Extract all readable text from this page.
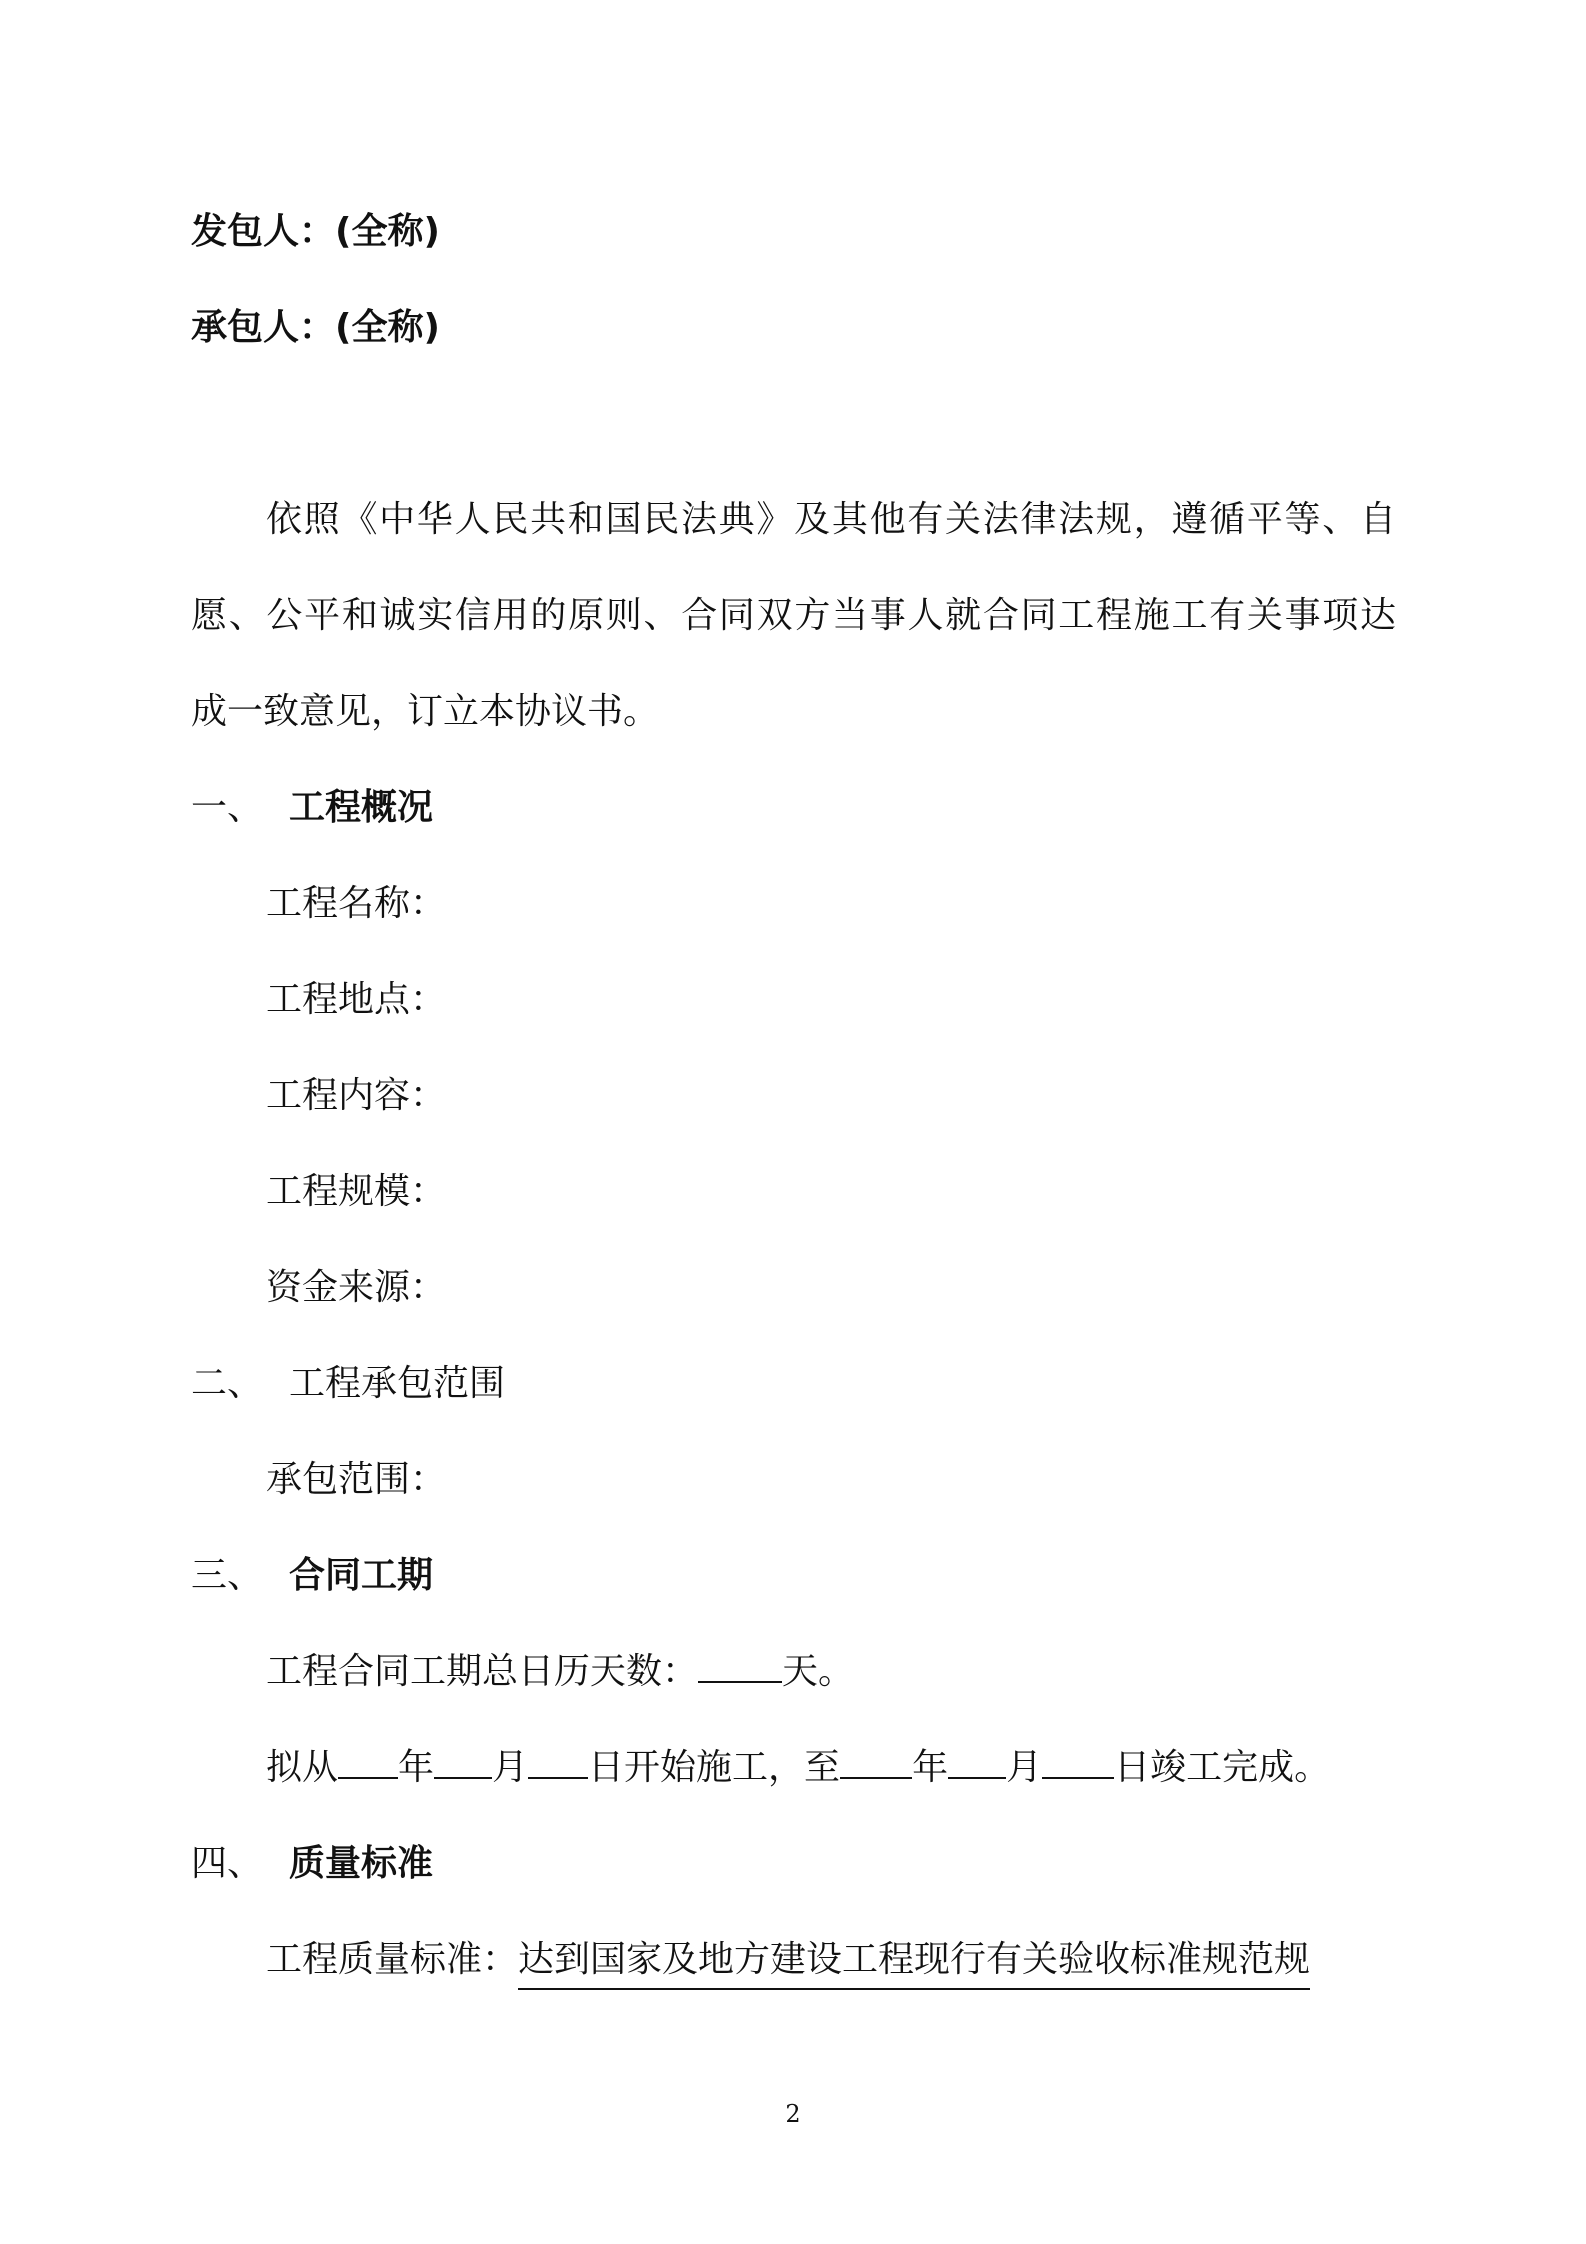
发包人：(全称)
承包人：(全称)
依照《中华人民共和国民法典》及其他有关法律法规，遵循平等、自
愿、公平和诚实信用的原则、合同双方当事人就合同工程施工有关事项达
成一致意见，订立本协议书。
一、 工程概况
工程名称：
工程地点：
工程内容：
工程规模：
资金来源：
二、 工程承包范围
承包范围：
三、 合同工期
工程合同工期总日历天数： 天。
拟从 年 月 日开始施工，至 年 月 日竣工完成。
四、 质量标准
工程质量标准：达到国家及地方建设工程现行有关验收标准规范规
2
